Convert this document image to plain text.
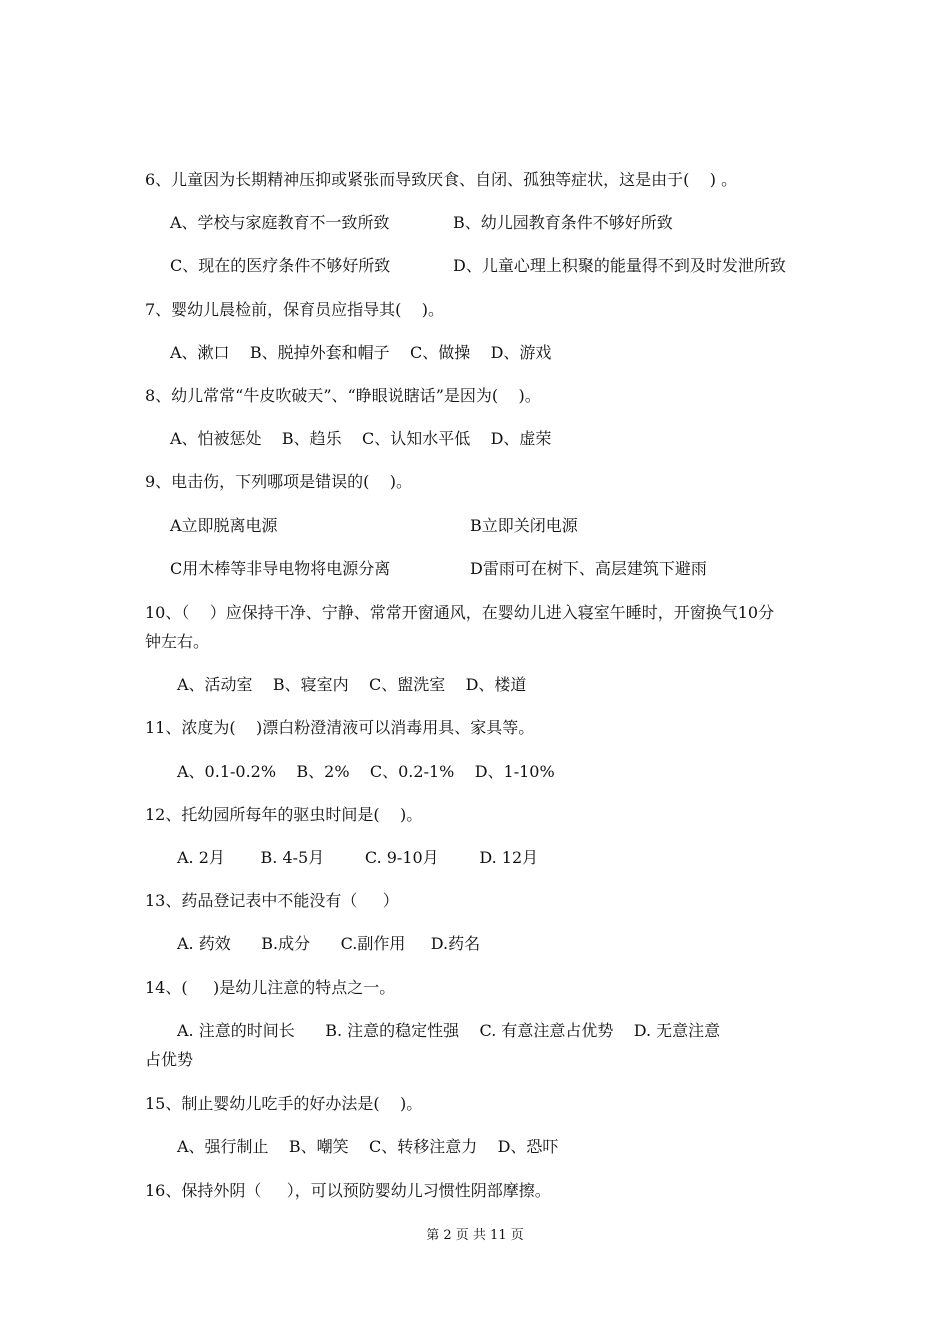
6、儿童因为长期精神压抑或紧张而导致厌食、自闭、孤独等症状，这是由于(    ) 。
A、学校与家庭教育不一致所致	B、幼儿园教育条件不够好所致
C、现在的医疗条件不够好所致	D、儿童心理上积聚的能量得不到及时发泄所致
7、婴幼儿晨检前，保育员应指导其(    )。
A、漱口    B、脱掉外套和帽子    C、做操    D、游戏
8、幼儿常常“牛皮吹破天”、“睁眼说瞎话”是因为(    )。
A、怕被惩处    B、趋乐    C、认知水平低    D、虚荣
9、电击伤，下列哪项是错误的(    )。
A立即脱离电源	B立即关闭电源
C用木棒等非导电物将电源分离	D雷雨可在树下、高层建筑下避雨
10、（    ）应保持干净、宁静、常常开窗通风，在婴幼儿进入寝室午睡时，开窗换气10分
钟左右。
A、活动室    B、寝室内    C、盥洗室    D、楼道
11、浓度为(    )漂白粉澄清液可以消毒用具、家具等。
A、0.1-0.2%    B、2%    C、0.2-1%    D、1-10%
12、托幼园所每年的驱虫时间是(    )。
A. 2月       B. 4-5月        C. 9-10月        D. 12月
13、药品登记表中不能没有（     ）
A. 药效      B.成分      C.副作用     D.药名
14、(     )是幼儿注意的特点之一。
A. 注意的时间长      B. 注意的稳定性强    C. 有意注意占优势    D. 无意注意
占优势
15、制止婴幼儿吃手的好办法是(    )。
A、强行制止    B、嘲笑    C、转移注意力    D、恐吓
16、保持外阴（     ），可以预防婴幼儿习惯性阴部摩擦。
第 2 页 共 11 页
